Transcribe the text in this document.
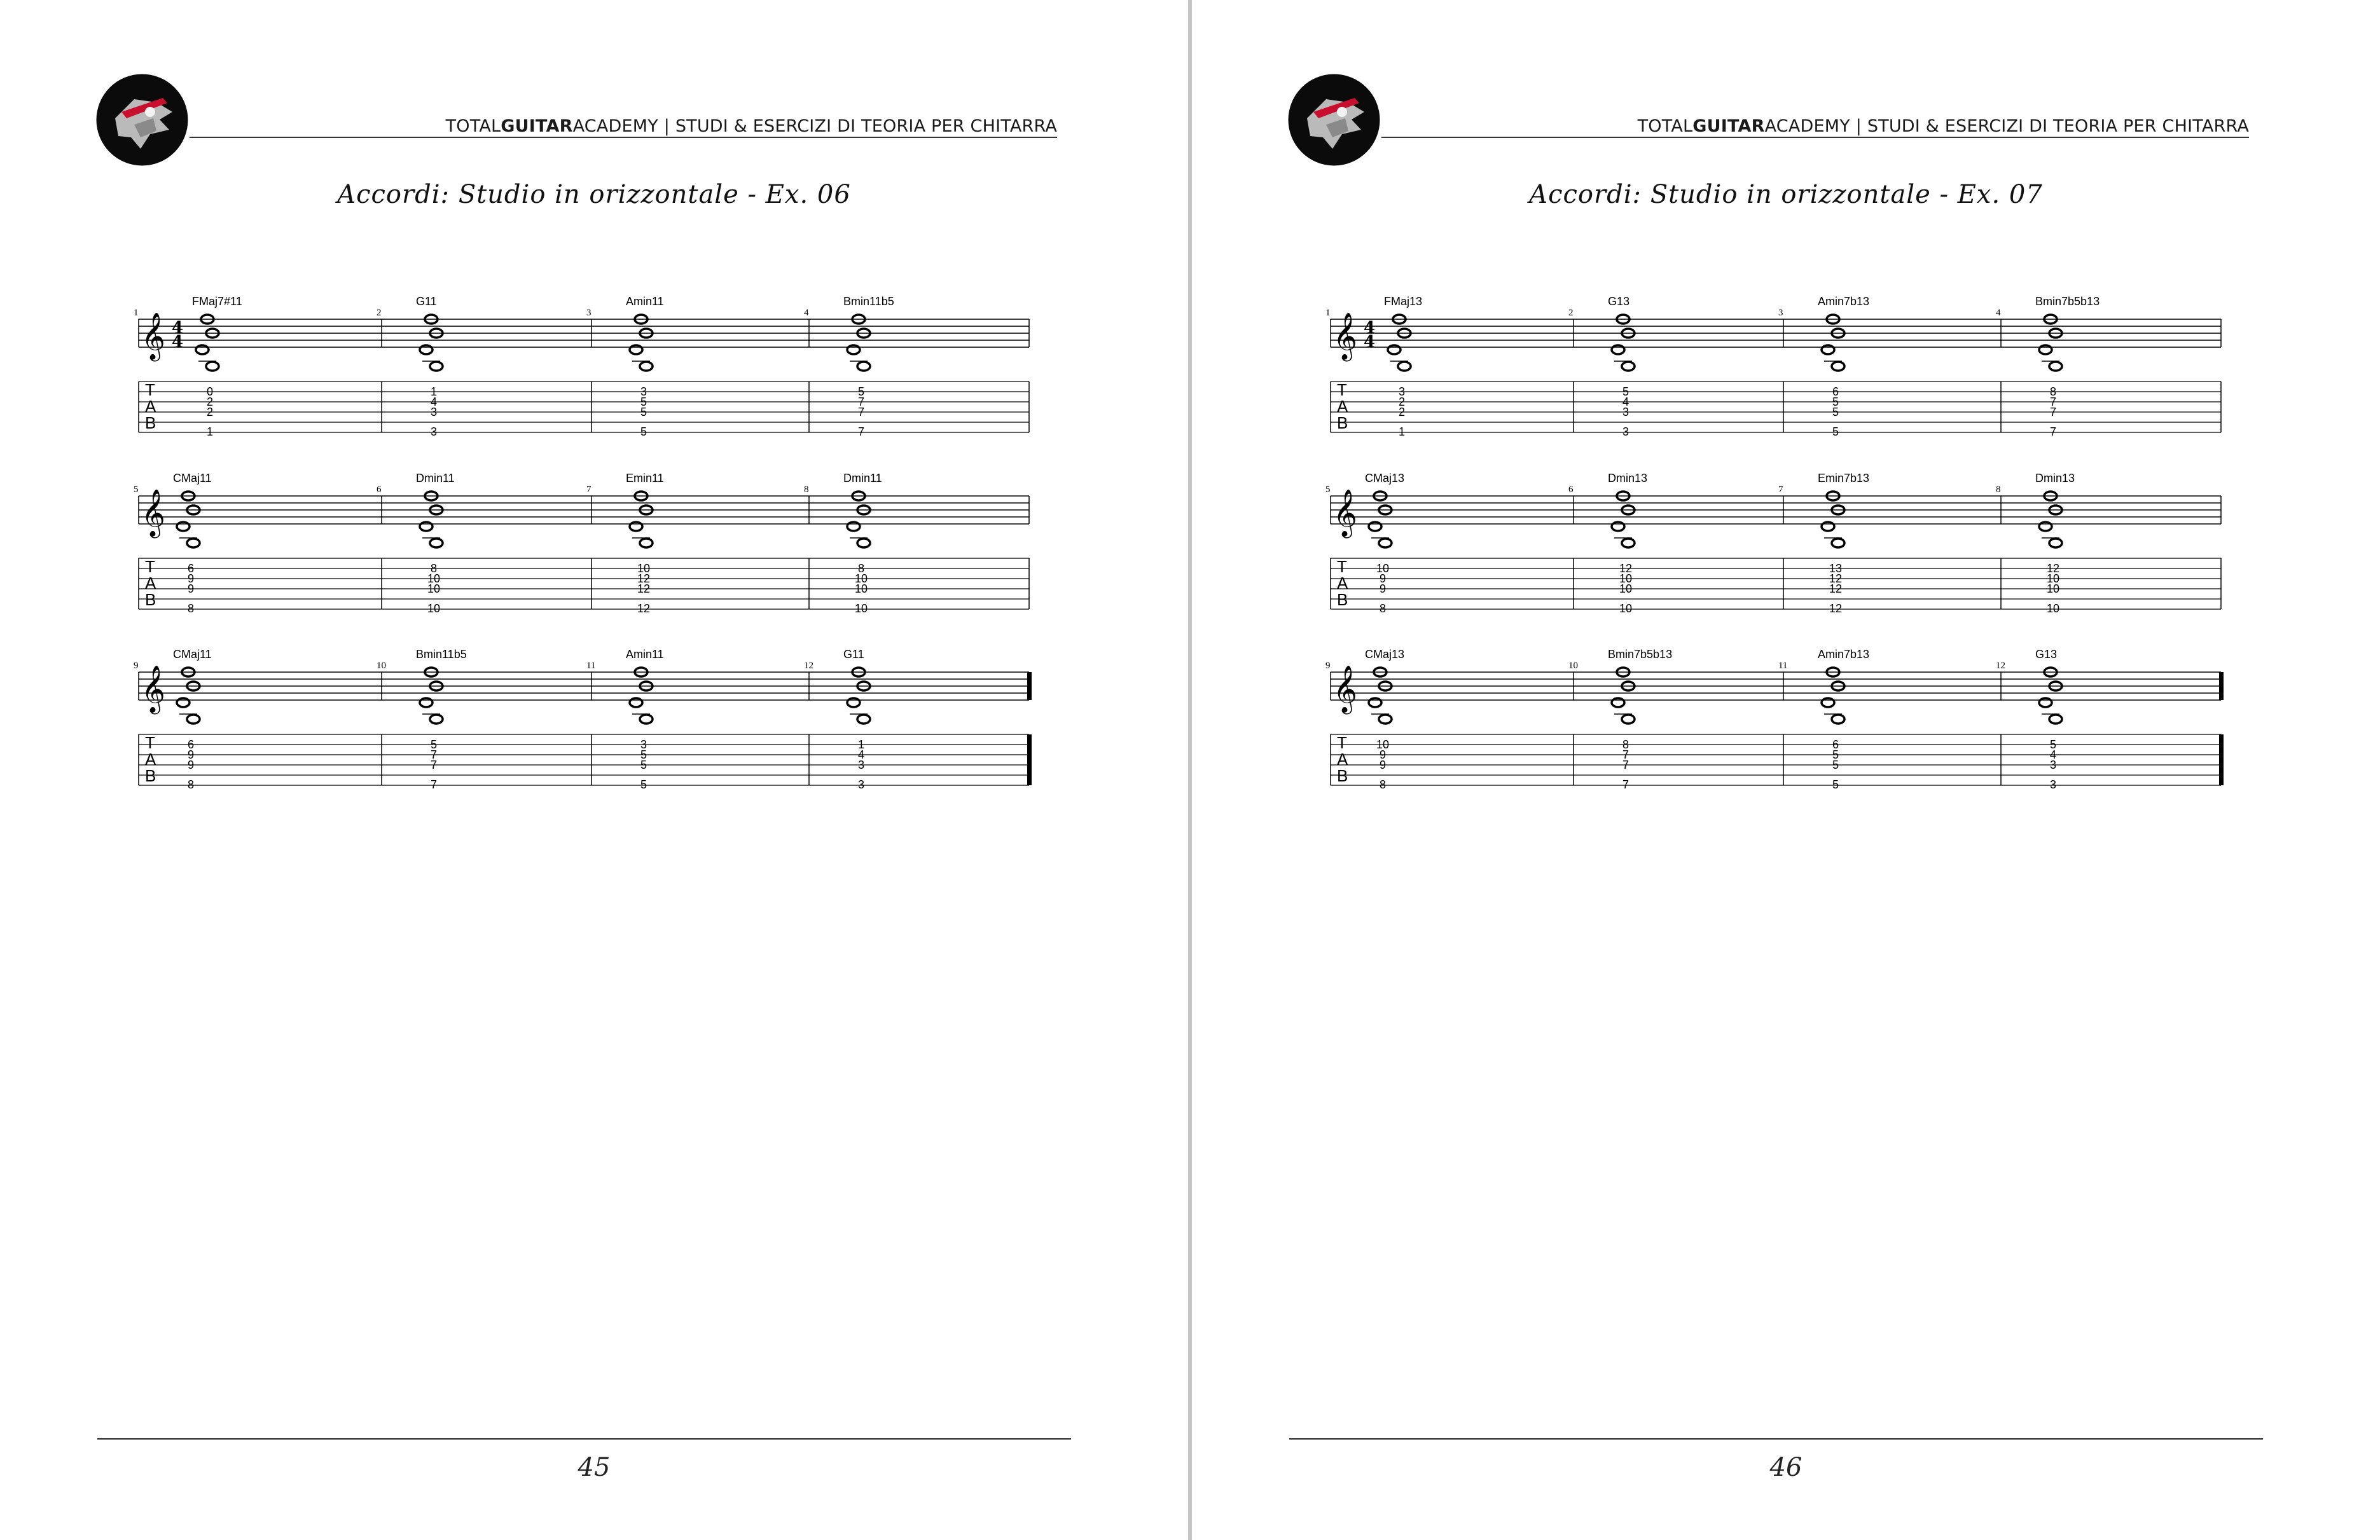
TOTALGUITARACADEMY | STUDI & ESERCIZI DI TEORIA PER CHITARRA
Accordi: Studio in orizzontale - Ex. 06
𝄞 4
4
T
A
B
1
FMaj7#11
0
2
2
1
2
G11
1
4
3
3
3
Amin11
3
5
5
5
4
Bmin11b5
5
7
7
7
𝄞
T
A
B
5
CMaj11
6
9
9
8
6
Dmin11
8
10
10
10
7
Emin11
10
12
12
12
8
Dmin11
8
10
10
10
𝄞
T
A
B
9
CMaj11
6
9
9
8
10
Bmin11b5
5
7
7
7
11
Amin11
3
5
5
5
12
G11
1
4
3
3
45
TOTALGUITARACADEMY | STUDI & ESERCIZI DI TEORIA PER CHITARRA
Accordi: Studio in orizzontale - Ex. 07
𝄞 4
4
T
A
B
1
FMaj13
3
2
2
1
2
G13
5
4
3
3
3
Amin7b13
6
5
5
5
4
Bmin7b5b13
8
7
7
7
𝄞
T
A
B
5
CMaj13
10
9
9
8
6
Dmin13
12
10
10
10
7
Emin7b13
13
12
12
12
8
Dmin13
12
10
10
10
𝄞
T
A
B
9
CMaj13
10
9
9
8
10
Bmin7b5b13
8
7
7
7
11
Amin7b13
6
5
5
5
12
G13
5
4
3
3
46
